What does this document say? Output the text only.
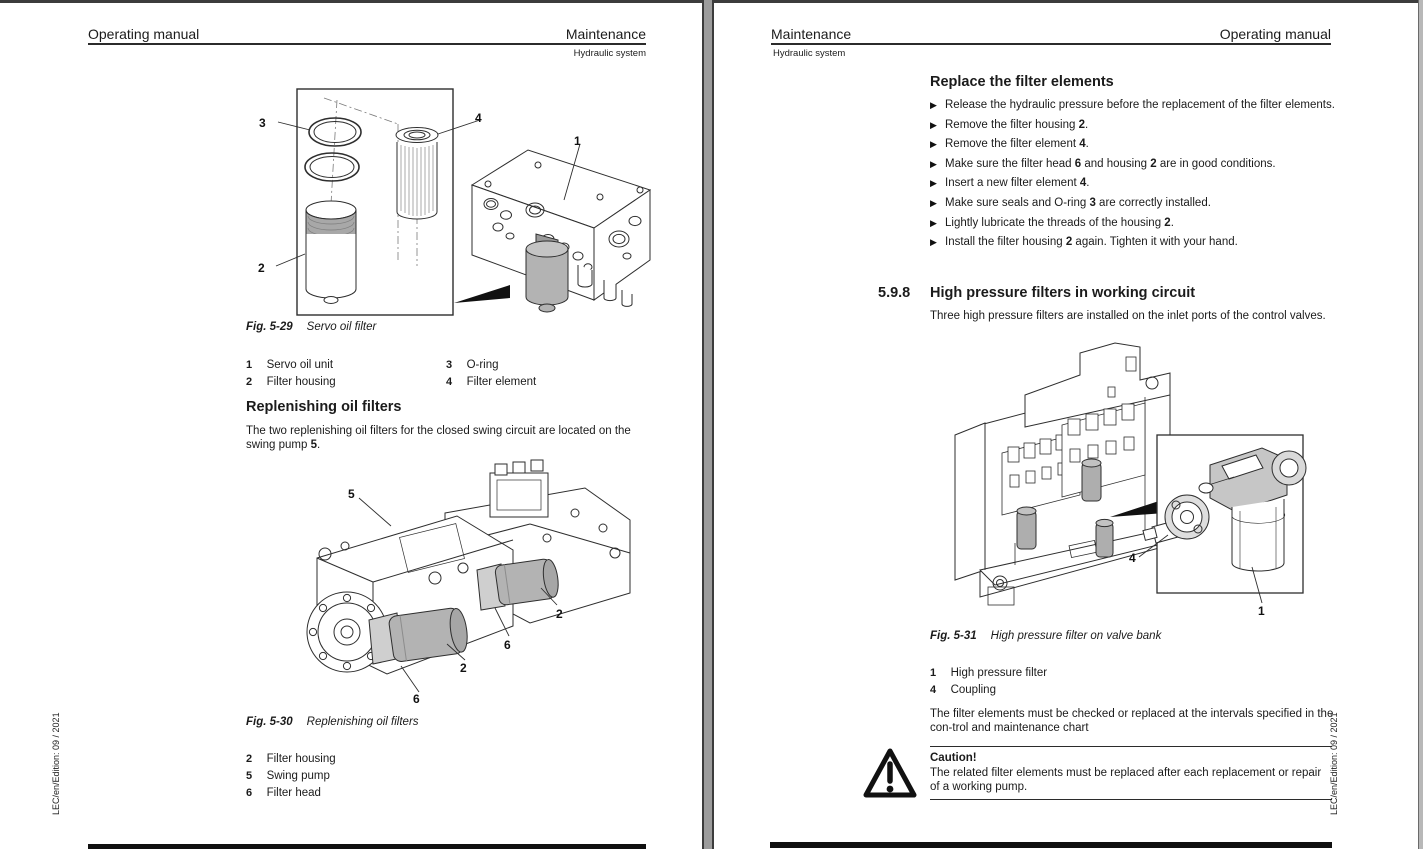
Operating manual	Maintenance
Hydraulic system
3
2
4
1
Fig. 5-29 Servo oil filter
1 Servo oil unit
2 Filter housing
3 O-ring
4 Filter element
Replenishing oil filters
The two replenishing oil filters for the closed swing circuit are located on the swing pump 5.
5
2
6
2
6
Fig. 5-30 Replenishing oil filters
2 Filter housing
5 Swing pump
6 Filter head
LEC/en/Edition: 09 / 2021
Maintenance	Operating manual
Hydraulic system
Replace the filter elements
▶ Release the hydraulic pressure before the replacement of the filter elements.
▶ Remove the filter housing 2.
▶ Remove the filter element 4.
▶ Make sure the filter head 6 and housing 2 are in good conditions.
▶ Insert a new filter element 4.
▶ Make sure seals and O-ring 3 are correctly installed.
▶ Lightly lubricate the threads of the housing 2.
▶ Install the filter housing 2 again. Tighten it with your hand.
5.9.8 High pressure filters in working circuit
Three high pressure filters are installed on the inlet ports of the control valves.
4
1
Fig. 5-31 High pressure filter on valve bank
1 High pressure filter
4 Coupling
The filter elements must be checked or replaced at the intervals specified in the con-trol and maintenance chart
Caution!
The related filter elements must be replaced after each replacement or repair of a working pump.	LEC/en/Edition: 09 / 2021
